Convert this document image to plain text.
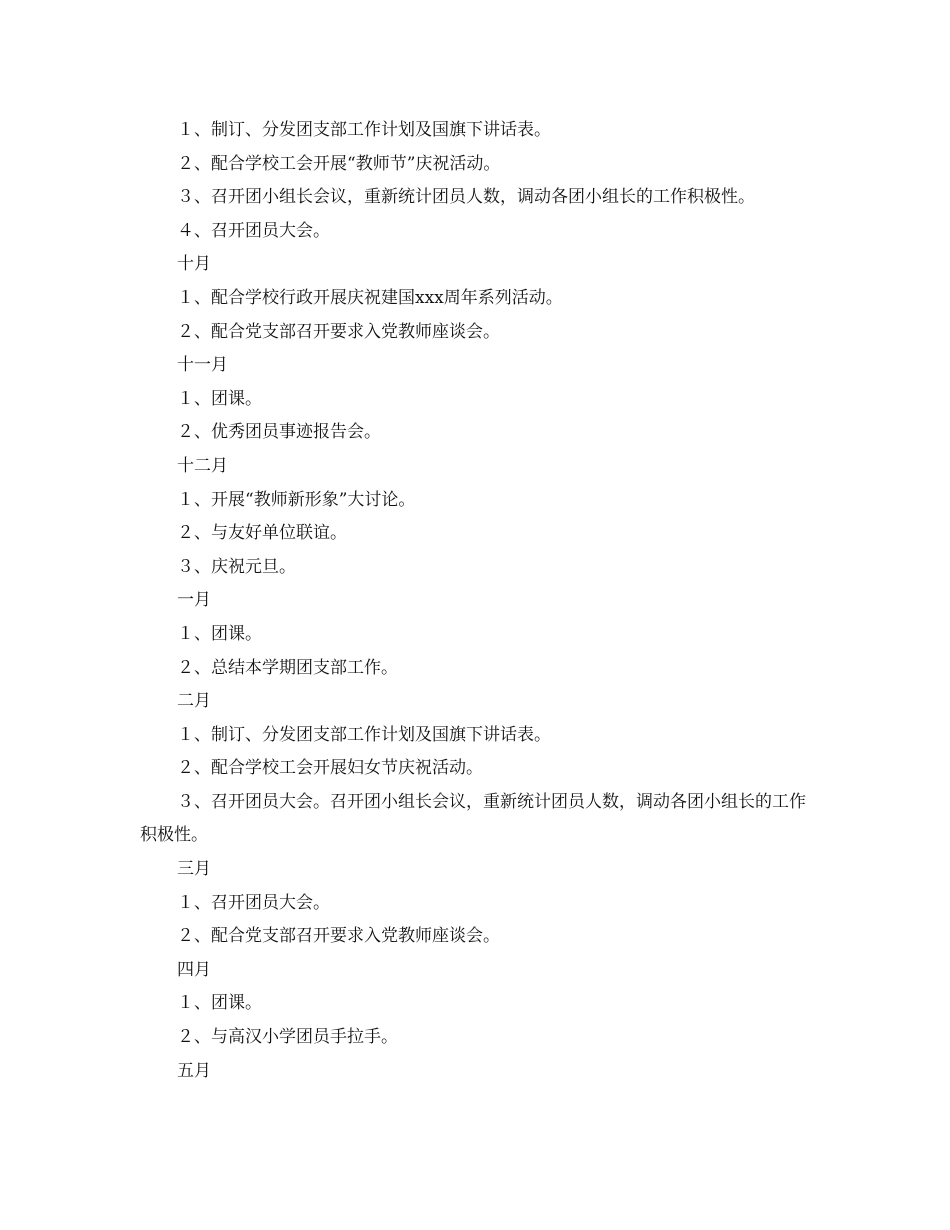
１、制订、分发团支部工作计划及国旗下讲话表。
２、配合学校工会开展“教师节”庆祝活动。
３、召开团小组长会议，重新统计团员人数，调动各团小组长的工作积极性。
４、召开团员大会。
十月
１、配合学校行政开展庆祝建国xxx周年系列活动。
２、配合党支部召开要求入党教师座谈会。
十一月
１、团课。
２、优秀团员事迹报告会。
十二月
１、开展“教师新形象”大讨论。
２、与友好单位联谊。
３、庆祝元旦。
一月
１、团课。
２、总结本学期团支部工作。
二月
１、制订、分发团支部工作计划及国旗下讲话表。
２、配合学校工会开展妇女节庆祝活动。
３、召开团员大会。召开团小组长会议，重新统计团员人数，调动各团小组长的工作积极性。
三月
１、召开团员大会。
２、配合党支部召开要求入党教师座谈会。
四月
１、团课。
２、与高汉小学团员手拉手。
五月
